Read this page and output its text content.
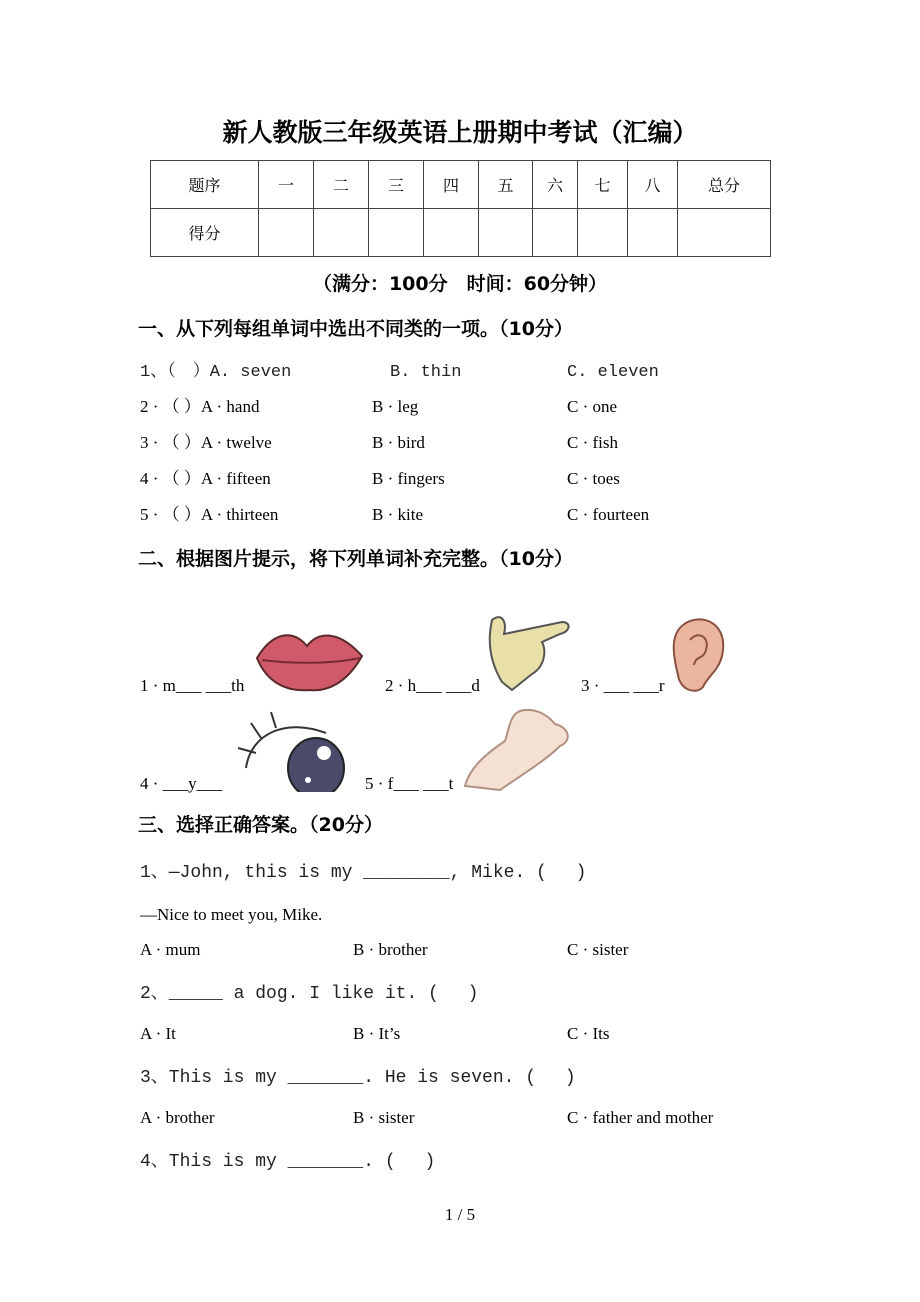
新人教版三年级英语上册期中考试（汇编）
题序	一	二	三	四	五	六	七	八	总分
得分									
（满分：100分　时间：60分钟）
一、从下列每组单词中选出不同类的一项。（10分）
1、（　）A. seven	B. thin	C. eleven
2 · （ ）A · hand	B · leg	C · one
3 · （ ）A · twelve	B · bird	C · fish
4 · （ ）A · fifteen	B · fingers	C · toes
5 · （ ）A · thirteen	B · kite	C · fourteen
二、根据图片提示，将下列单词补充完整。（10分）
1 · m___ ___th	2 · h___ ___d	3 · ___ ___r
4 · ___y___	5 · f___ ___t
三、选择正确答案。（20分）
1、—John, this is my ________, Mike. (　 )
—Nice to meet you, Mike.
A · mum	B · brother	C · sister
2、_____ a dog. I like it. (　 )
A · It	B · It’s	C · Its
3、This is my _______. He is seven. (　 )
A · brother	B · sister	C · father and mother
4、This is my _______. (　 )
1 / 5
